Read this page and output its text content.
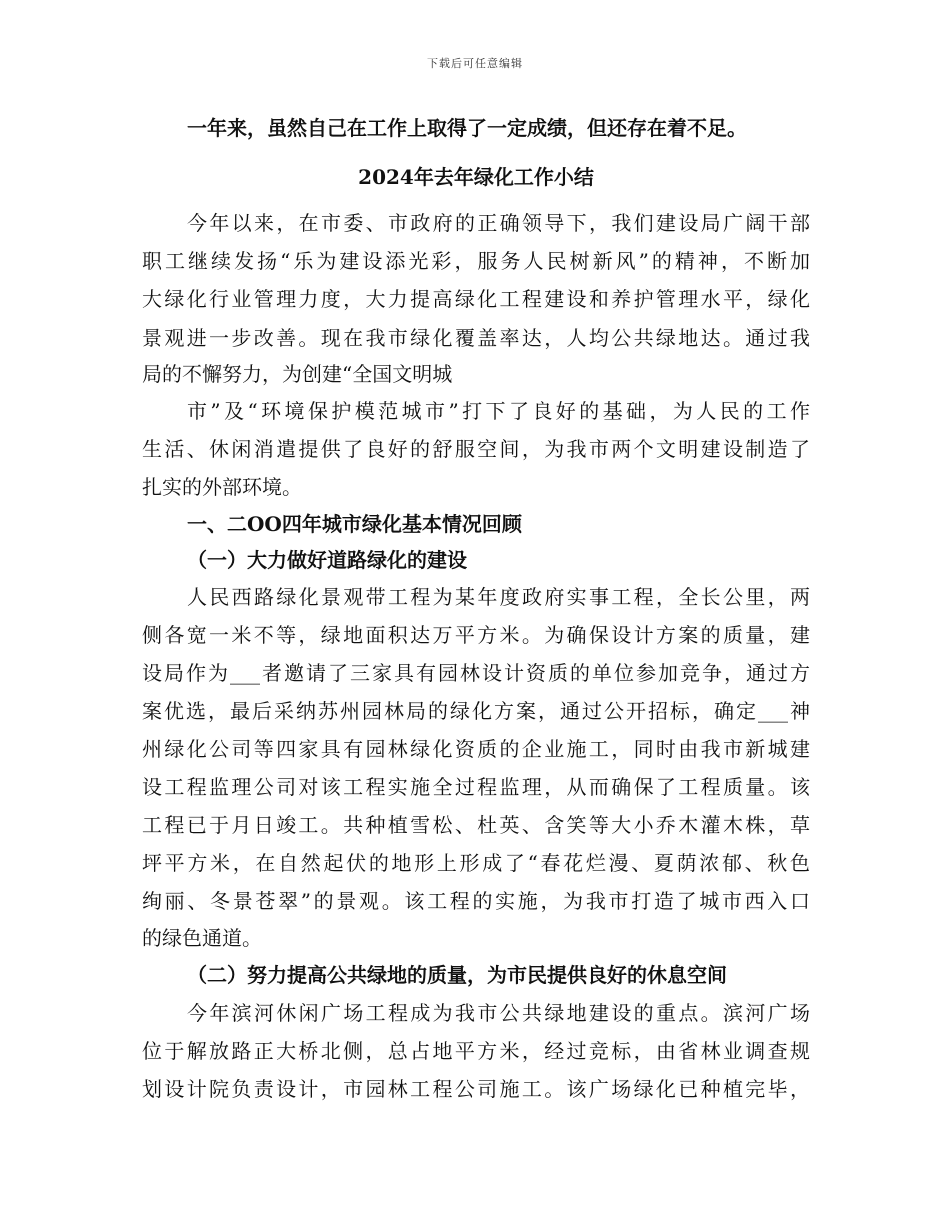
下载后可任意编辑
一年来，虽然自己在工作上取得了一定成绩，但还存在着不足。
2024年去年绿化工作小结
今年以来，在市委、市政府的正确领导下，我们建设局广阔干部
职工继续发扬“乐为建设添光彩，服务人民树新风”的精神，不断加
大绿化行业管理力度，大力提高绿化工程建设和养护管理水平，绿化
景观进一步改善。现在我市绿化覆盖率达，人均公共绿地达。通过我
局的不懈努力，为创建“全国文明城
市”及“环境保护模范城市”打下了良好的基础，为人民的工作
生活、休闲消遣提供了良好的舒服空间，为我市两个文明建设制造了
扎实的外部环境。
一、二OO四年城市绿化基本情况回顾
（一）大力做好道路绿化的建设
人民西路绿化景观带工程为某年度政府实事工程，全长公里，两
侧各宽一米不等，绿地面积达万平方米。为确保设计方案的质量，建
设局作为___者邀请了三家具有园林设计资质的单位参加竞争，通过方
案优选，最后采纳苏州园林局的绿化方案，通过公开招标，确定___神
州绿化公司等四家具有园林绿化资质的企业施工，同时由我市新城建
设工程监理公司对该工程实施全过程监理，从而确保了工程质量。该
工程已于月日竣工。共种植雪松、杜英、含笑等大小乔木灌木株，草
坪平方米，在自然起伏的地形上形成了“春花烂漫、夏荫浓郁、秋色
绚丽、冬景苍翠”的景观。该工程的实施，为我市打造了城市西入口
的绿色通道。
（二）努力提高公共绿地的质量，为市民提供良好的休息空间
今年滨河休闲广场工程成为我市公共绿地建设的重点。滨河广场
位于解放路正大桥北侧，总占地平方米，经过竞标，由省林业调查规
划设计院负责设计，市园林工程公司施工。该广场绿化已种植完毕，
